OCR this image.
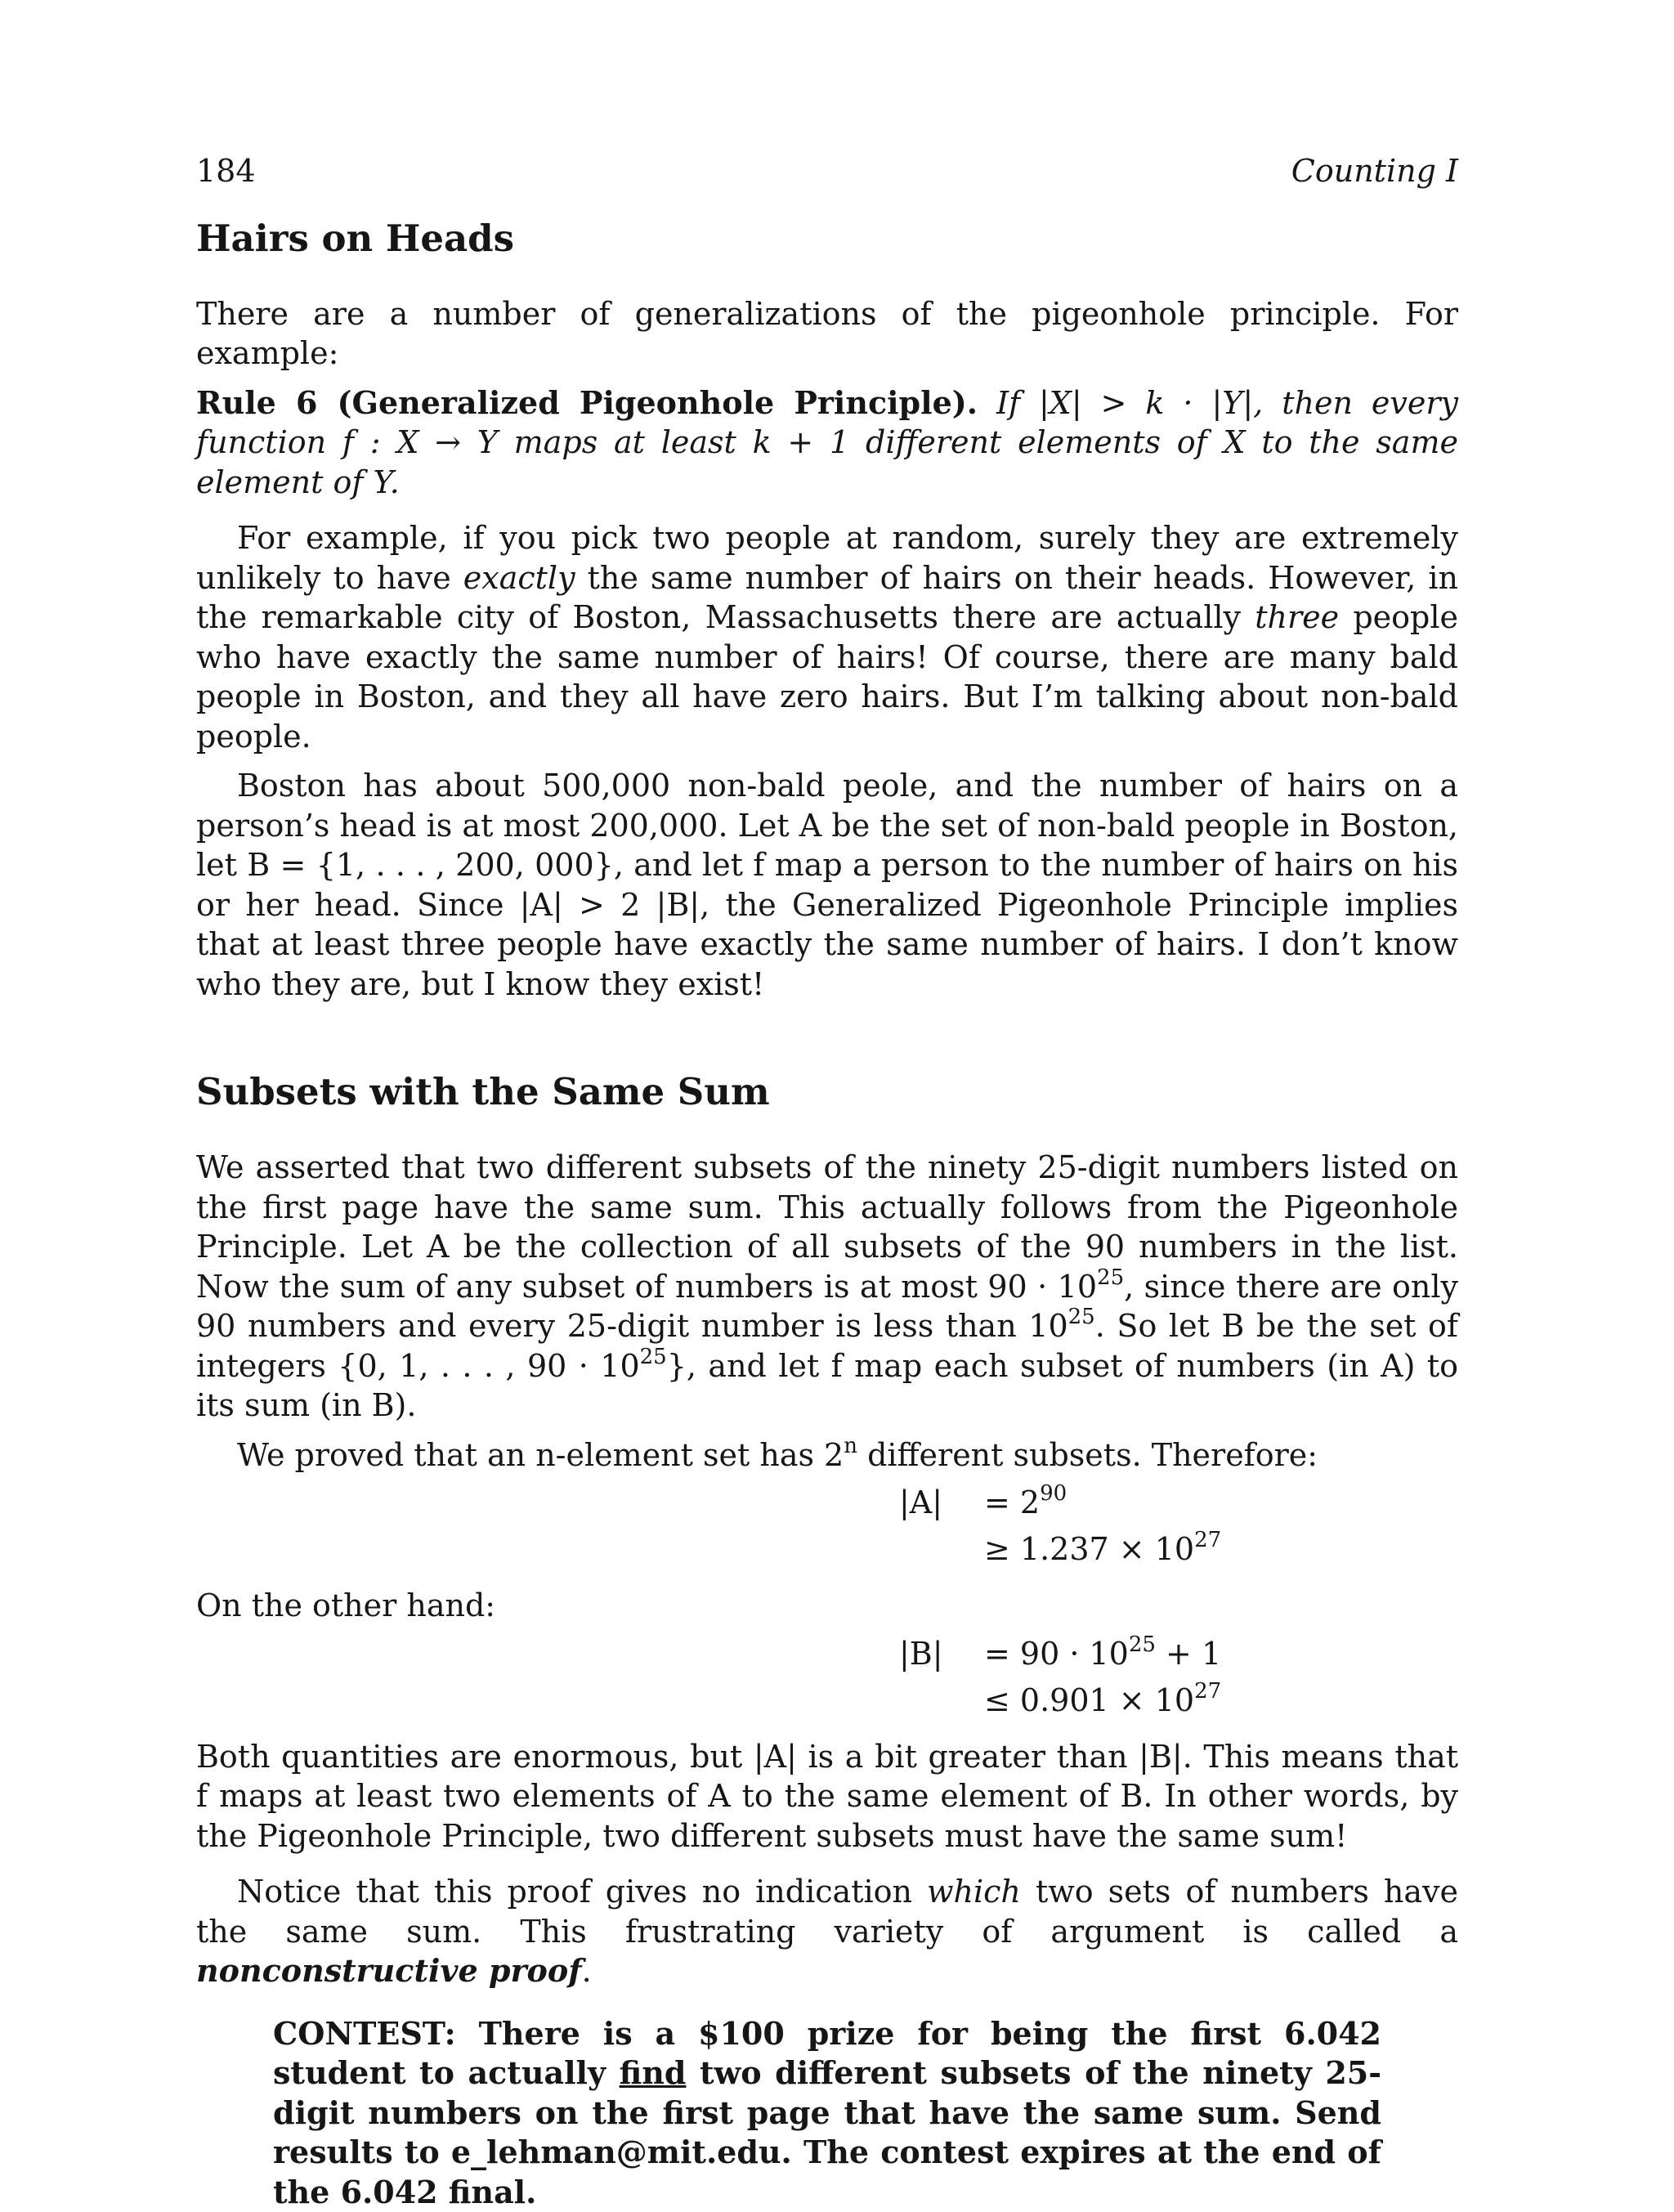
184	Counting I
Hairs on Heads

There are a number of generalizations of the pigeonhole principle. For example:

Rule 6 (Generalized Pigeonhole Principle). If |X| > k · |Y|, then every function f : X → Y maps at least k + 1 different elements of X to the same element of Y.

For example, if you pick two people at random, surely they are extremely unlikely to have exactly the same number of hairs on their heads. However, in the remarkable city of Boston, Massachusetts there are actually three people who have exactly the same number of hairs! Of course, there are many bald people in Boston, and they all have zero hairs. But I’m talking about non-bald people.

Boston has about 500,000 non-bald peole, and the number of hairs on a person’s head is at most 200,000. Let A be the set of non-bald people in Boston, let B = {1, . . . , 200, 000}, and let f map a person to the number of hairs on his or her head. Since |A| > 2 |B|, the Generalized Pigeonhole Principle implies that at least three people have exactly the same number of hairs. I don’t know who they are, but I know they exist!

Subsets with the Same Sum

We asserted that two different subsets of the ninety 25-digit numbers listed on the first page have the same sum. This actually follows from the Pigeonhole Principle. Let A be the collection of all subsets of the 90 numbers in the list. Now the sum of any subset of numbers is at most $90 \cdot 10^{25}$, since there are only 90 numbers and every 25-digit number is less than $10^{25}$. So let B be the set of integers {0, 1, . . . , $90 \cdot 10^{25}$}, and let f map each subset of numbers (in A) to its sum (in B).

We proved that an n-element set has 2$^n$ different subsets. Therefore:

$|A| = 2^{90}$
≥ $1.237 \times 10^{27}$

On the other hand:

$|B| = 90 \cdot 10^{25} + 1$
≤ $0.901 \times 10^{27}$

Both quantities are enormous, but |A| is a bit greater than |B|. This means that f maps at least two elements of A to the same element of B. In other words, by the Pigeonhole Principle, two different subsets must have the same sum!

Notice that this proof gives no indication which two sets of numbers have the same sum. This frustrating variety of argument is called a nonconstructive proof.

CONTEST: There is a $100 prize for being the first 6.042 student to actually find two different subsets of the ninety 25-digit numbers on the first page that have the same sum. Send results to e_lehman@mit.edu. The contest expires at the end of the 6.042 final.
